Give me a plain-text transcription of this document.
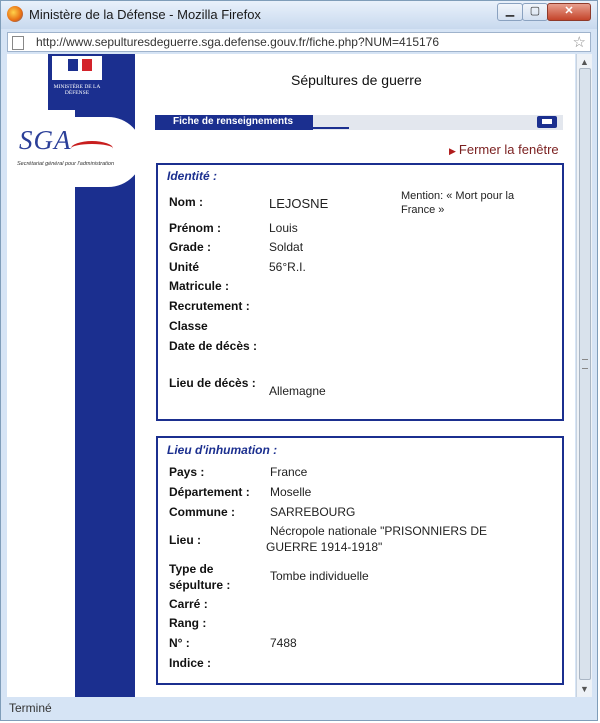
Ministère de la Défense - Mozilla Firefox	▁	▢	✕
http://www.sepulturesdeguerre.sga.defense.gouv.fr/fiche.php?NUM=415176	☆
MINISTÈRE DE LA DÉFENSE
Sépultures de guerre
SGA
Secrétariat général pour l'administration
Fiche de renseignements
▶ Fermer la fenêtre
Identité :
Nom :	LEJOSNE	Mention: « Mort pour la France »
Prénom :	Louis
Grade :	Soldat
Unité	56°R.I.
Matricule :
Recrutement :
Classe
Date de décès :
Lieu de décès :
Allemagne
Lieu d'inhumation :
Pays :	France
Département : Moselle
Commune :	SARREBOURG
Lieu :
Nécropole nationale "PRISONNIERS DE GUERRE 1914-1918"
Type de sépulture :
Tombe individuelle
Carré :
Rang :
N° :	7488
Indice :
▲
▼
Terminé
